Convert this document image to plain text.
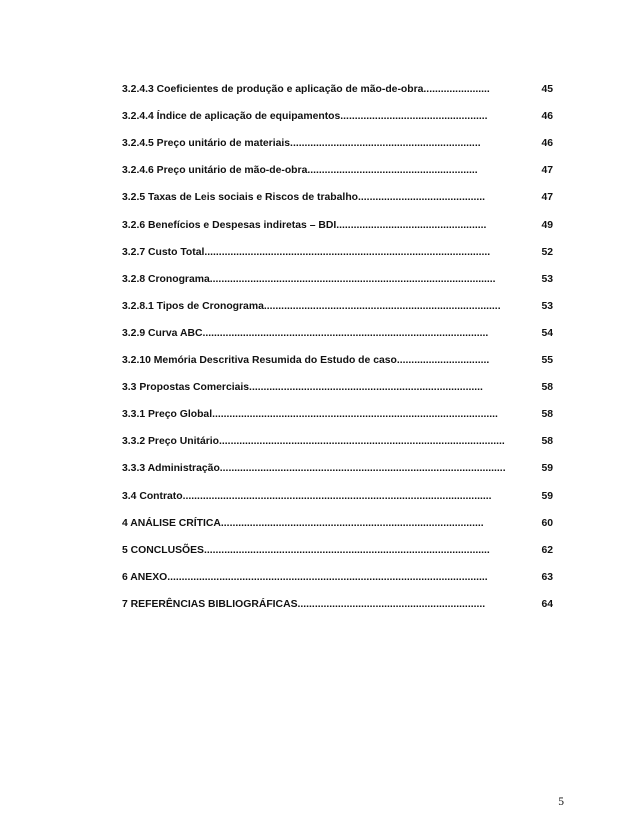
3.2.4.3 Coeficientes de produção e aplicação de mão-de-obra.......................	45
3.2.4.4 Índice de aplicação de equipamentos...................................................	46
3.2.4.5 Preço unitário de materiais..................................................................	46
3.2.4.6 Preço unitário de mão-de-obra...........................................................	47
3.2.5 Taxas de Leis sociais e Riscos de trabalho............................................	47
3.2.6 Benefícios e Despesas indiretas – BDI....................................................	49
3.2.7 Custo Total...................................................................................................	52
3.2.8 Cronograma...................................................................................................	53
3.2.8.1 Tipos de Cronograma..................................................................................	53
3.2.9 Curva ABC...................................................................................................	54
3.2.10 Memória Descritiva Resumida do Estudo de caso................................	55
3.3 Propostas Comerciais.................................................................................	58
3.3.1 Preço Global...................................................................................................	58
3.3.2 Preço Unitário...................................................................................................	58
3.3.3 Administração...................................................................................................	59
3.4 Contrato...........................................................................................................	59
4 ANÁLISE CRÍTICA...........................................................................................	60
5 CONCLUSÕES...................................................................................................	62
6 ANEXO...............................................................................................................	63
7 REFERÊNCIAS BIBLIOGRÁFICAS.................................................................	64
5
